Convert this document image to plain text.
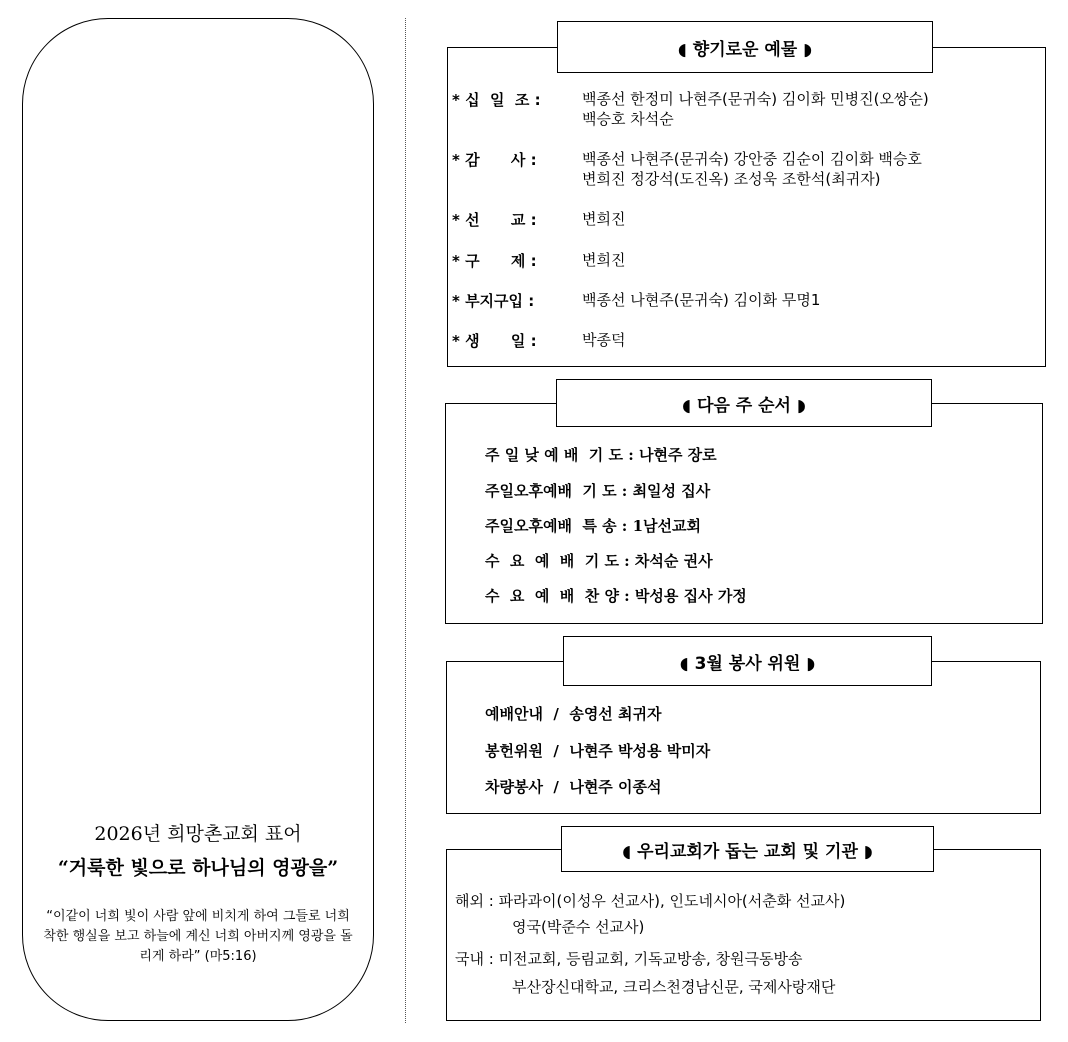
2026년 희망촌교회 표어
“거룩한 빛으로 하나님의 영광을”
“이같이 너희 빛이 사람 앞에 비치게 하여 그들로 너희 착한 행실을 보고 하늘에 계신 너희 아버지께 영광을 돌리게 하라” (마5:16)
◖ 향기로운 예물 ◗
* 십  일  조 :	백종선 한정미 나현주(문귀숙) 김이화 민병진(오쌍순)
백승호 차석순
* 감      사 :	백종선 나현주(문귀숙) 강안중 김순이 김이화 백승호
변희진 정강석(도진옥) 조성욱 조한석(최귀자)
* 선      교 :	변희진
* 구      제 :	변희진
* 부지구입 :	백종선 나현주(문귀숙) 김이화 무명1
* 생      일 :	박종덕
◖ 다음 주 순서 ◗
주 일 낮 예 배  기 도 : 나현주 장로
주일오후예배  기 도 : 최일성 집사
주일오후예배  특 송 : 1남선교회
수  요  예  배  기 도 : 차석순 권사
수  요  예  배  찬 양 : 박성용 집사 가정
◖ 3월 봉사 위원 ◗
예배안내  /  송영선 최귀자
봉헌위원  /  나현주 박성용 박미자
차량봉사  /  나현주 이종석
◖ 우리교회가 돕는 교회 및 기관 ◗
해외 : 파라과이(이성우 선교사), 인도네시아(서춘화 선교사)
영국(박준수 선교사)
국내 : 미전교회, 등림교회, 기독교방송, 창원극동방송
부산장신대학교, 크리스천경남신문, 국제사랑재단
